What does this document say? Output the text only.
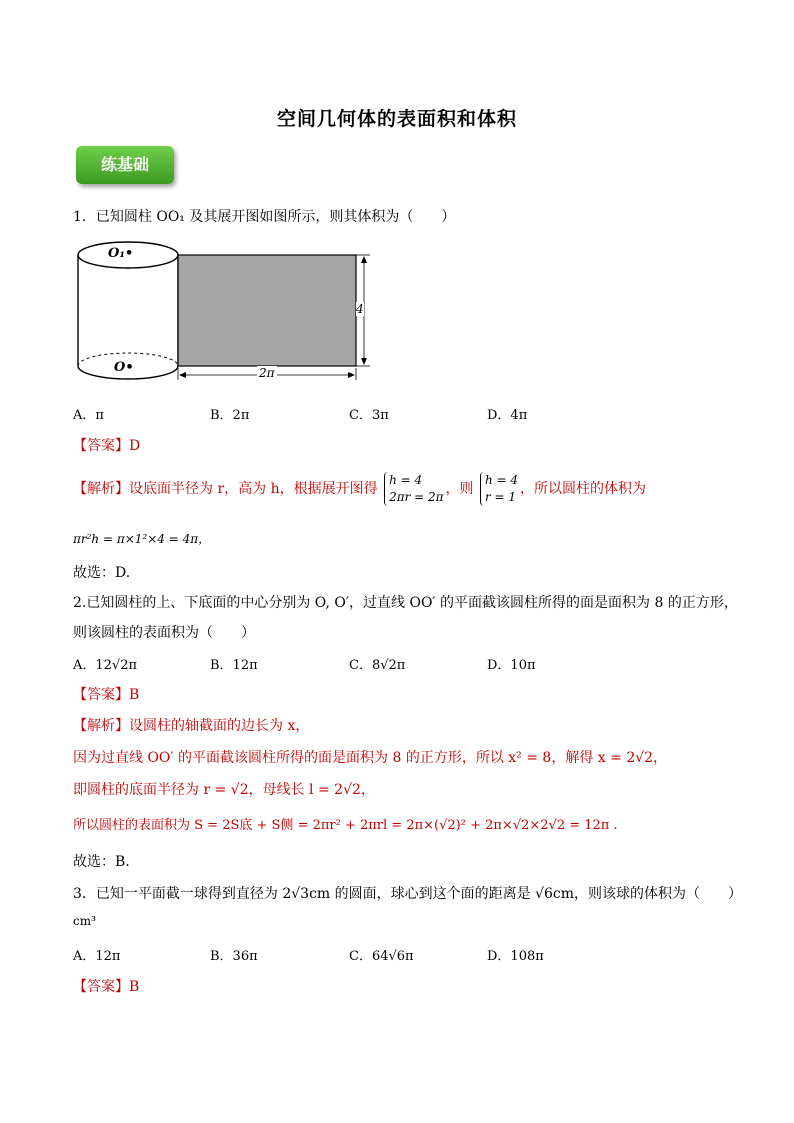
空间几何体的表面积和体积
练基础
1．已知圆柱 OO₁ 及其展开图如图所示，则其体积为（　　）
O₁•
O•
4
2π
A．π	B．2π	C．3π	D．4π
【答案】D
【解析】设底面半径为 r，高为 h，根据展开图得 h = 4
2πr = 2π ，则 h = 4
r = 1 ，所以圆柱的体积为
πr²h = π×1²×4 = 4π，
故选：D.
2.已知圆柱的上、下底面的中心分别为 O, O′，过直线 OO′ 的平面截该圆柱所得的面是面积为 8 的正方形，
则该圆柱的表面积为（　　）
A．12√2π	B．12π	C．8√2π	D．10π
【答案】B
【解析】设圆柱的轴截面的边长为 x，
因为过直线 OO′ 的平面截该圆柱所得的面是面积为 8 的正方形，所以 x² = 8，解得 x = 2√2，
即圆柱的底面半径为 r = √2，母线长 l = 2√2，
所以圆柱的表面积为 S = 2S底 + S侧 = 2πr² + 2πrl = 2π×(√2)² + 2π×√2×2√2 = 12π .
故选：B.
3．已知一平面截一球得到直径为 2√3cm 的圆面，球心到这个面的距离是 √6cm，则该球的体积为（　　）
cm³
A．12π	B．36π	C．64√6π	D．108π
【答案】B
